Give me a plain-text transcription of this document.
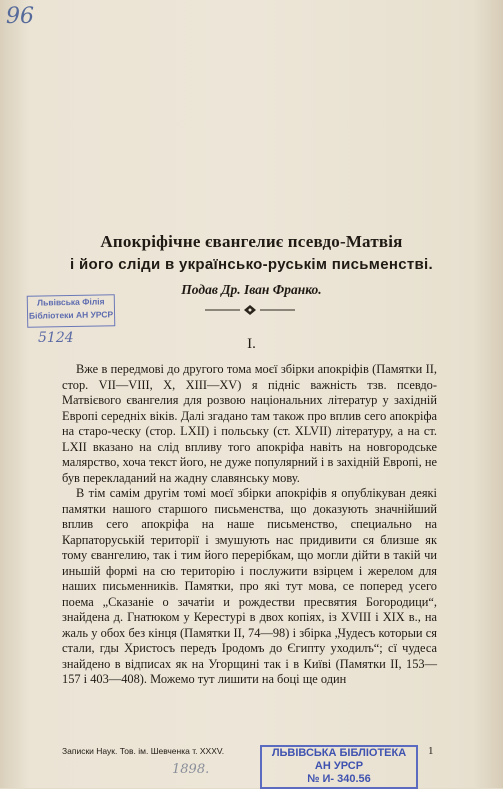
96
Апокріфічне євангелиє псевдо-Матвія
і його сліди в українсько-руськім письменстві.
Подав Др. Іван Франко.
Львівська Філія
Бібліотеки АН УРСР
5124	I.

Вже в передмові до другого тома моєї збірки апокріфів (Памятки II, стор. VII—VIII, X, XIII—XV) я підніс важність тзв. псевдо-Матвієвого євангелия для розвою національних літератур у західній Европі середніх віків. Далі згадано там також про вплив сего апокріфа на старо-ческу (стор. LXII) і польську (ст. XLVII) літературу, а на ст. LXII вказано на слід впливу того апокріфа навіть на новгородське малярство, хоча текст його, не дуже популярний і в західній Европі, не був перекладаний на жадну славянську мову.

В тім самім другім томі моєї збірки апокріфів я опублікуван деякі памятки нашого старшого письменства, що доказують значнійший вплив сего апокріфа на наше письменство, специально на Карпаторуській території і змушують нас придивити ся близше як тому євангелию, так і тим його перерібкам, що могли дійти в такій чи иньшій формі на сю територію і послужити взірцем і жерелом для наших письменників. Памятки, про які тут мова, се поперед усего поема „Сказаніе о зачатіи и рождестви пресвятия Богородици“, знайдена д. Гнатюком у Керестурі в двох копіях, із XVIII і XIX в., на жаль у обох без кінця (Памятки II, 74—98) і збірка „Чудесъ которыи ся стали, гды Христосъ передъ Іродомъ до Єгипту уходилъ“; сї чудеса знайдено в відписах як на Угорщині так і в Київі (Памятки II, 153—157 і 403—408). Можемо тут лишити на боці ще один

Записки Наук. Тов. ім. Шевченка т. XXXV.
1898.
1
ЛЬВІВСЬКА БІБЛІОТЕКА
АН УРСР
№ И- 340.56
